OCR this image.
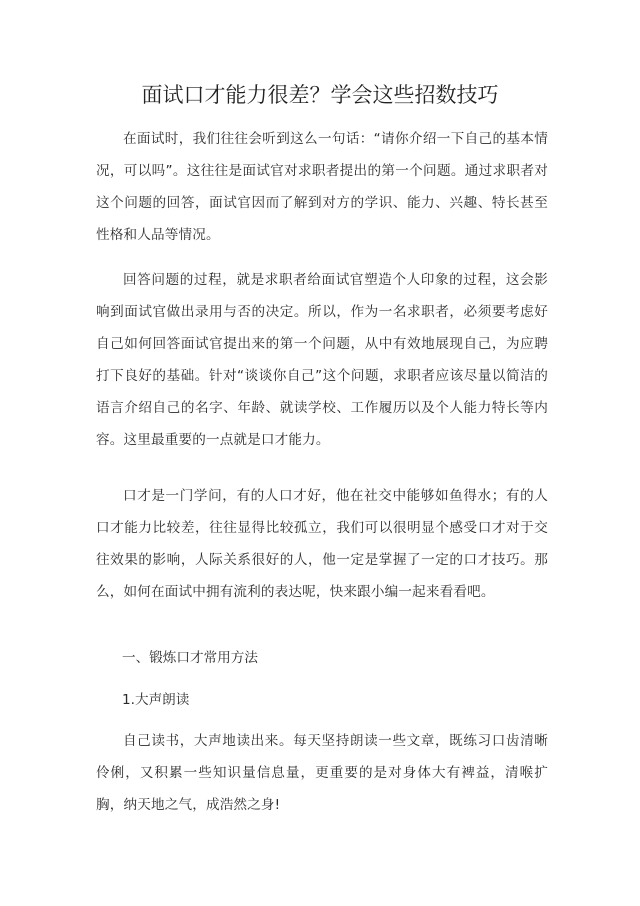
面试口才能力很差？学会这些招数技巧

在面试时，我们往往会听到这么一句话：“请你介绍一下自己的基本情况，可以吗”。这往往是面试官对求职者提出的第一个问题。通过求职者对这个问题的回答，面试官因而了解到对方的学识、能力、兴趣、特长甚至性格和人品等情况。

回答问题的过程，就是求职者给面试官塑造个人印象的过程，这会影响到面试官做出录用与否的决定。所以，作为一名求职者，必须要考虑好自己如何回答面试官提出来的第一个问题，从中有效地展现自己，为应聘打下良好的基础。针对“谈谈你自己”这个问题，求职者应该尽量以简洁的语言介绍自己的名字、年龄、就读学校、工作履历以及个人能力特长等内容。这里最重要的一点就是口才能力。

口才是一门学问，有的人口才好，他在社交中能够如鱼得水；有的人口才能力比较差，往往显得比较孤立，我们可以很明显个感受口才对于交往效果的影响，人际关系很好的人，他一定是掌握了一定的口才技巧。那么，如何在面试中拥有流利的表达呢，快来跟小编一起来看看吧。

一、锻炼口才常用方法
1.大声朗读

自己读书，大声地读出来。每天坚持朗读一些文章，既练习口齿清晰伶俐，又积累一些知识量信息量，更重要的是对身体大有裨益，清喉扩胸，纳天地之气，成浩然之身!
